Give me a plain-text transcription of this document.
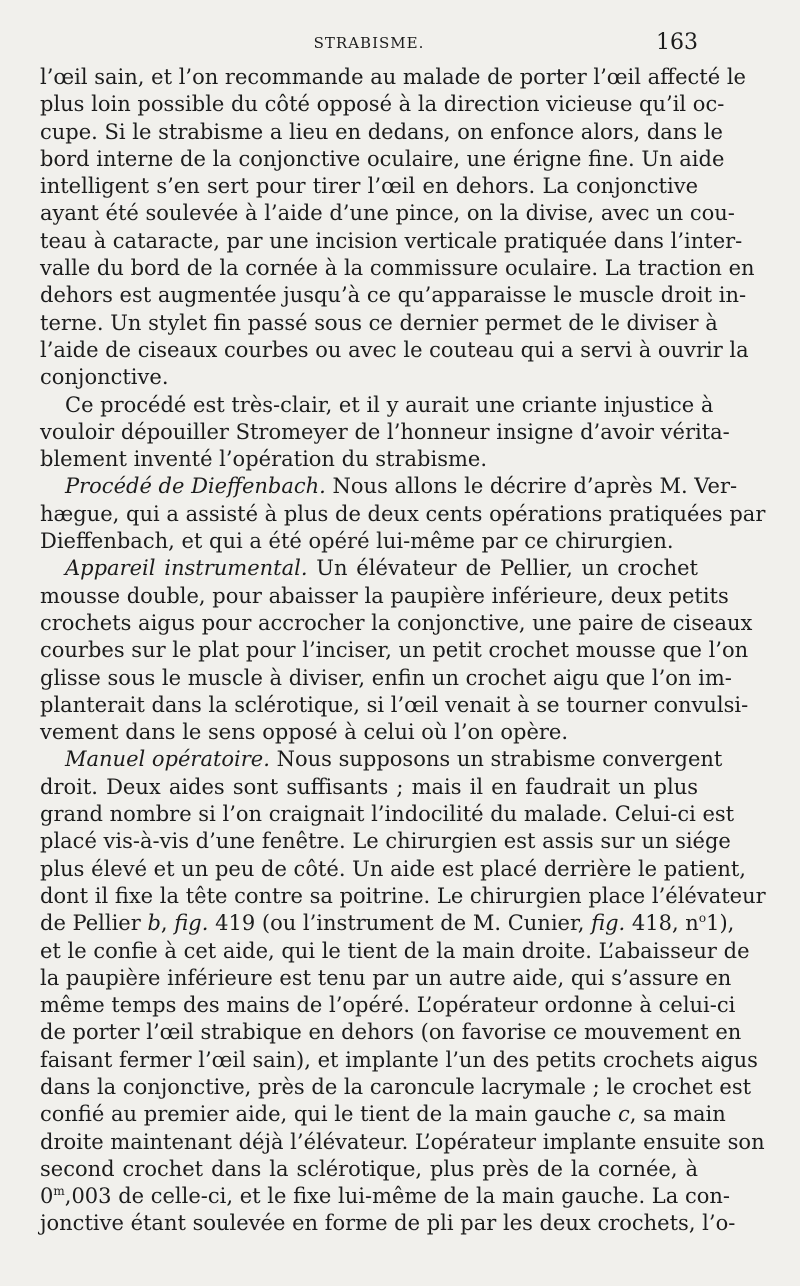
STRABISME.	163
l’œil sain, et l’on recommande au malade de porter l’œil affecté le
plus loin possible du côté opposé à la direction vicieuse qu’il oc-
cupe. Si le strabisme a lieu en dedans, on enfonce alors, dans le
bord interne de la conjonctive oculaire, une érigne fine. Un aide
intelligent s’en sert pour tirer l’œil en dehors. La conjonctive
ayant été soulevée à l’aide d’une pince, on la divise, avec un cou-
teau à cataracte, par une incision verticale pratiquée dans l’inter-
valle du bord de la cornée à la commissure oculaire. La traction en
dehors est augmentée jusqu’à ce qu’apparaisse le muscle droit in-
terne. Un stylet fin passé sous ce dernier permet de le diviser à
l’aide de ciseaux courbes ou avec le couteau qui a servi à ouvrir la
conjonctive.
Ce procédé est très-clair, et il y aurait une criante injustice à
vouloir dépouiller Stromeyer de l’honneur insigne d’avoir vérita-
blement inventé l’opération du strabisme.
Procédé de Dieffenbach. Nous allons le décrire d’après M. Ver-
hægue, qui a assisté à plus de deux cents opérations pratiquées par
Dieffenbach, et qui a été opéré lui-même par ce chirurgien.
Appareil instrumental. Un élévateur de Pellier, un crochet
mousse double, pour abaisser la paupière inférieure, deux petits
crochets aigus pour accrocher la conjonctive, une paire de ciseaux
courbes sur le plat pour l’inciser, un petit crochet mousse que l’on
glisse sous le muscle à diviser, enfin un crochet aigu que l’on im-
planterait dans la sclérotique, si l’œil venait à se tourner convulsi-
vement dans le sens opposé à celui où l’on opère.
Manuel opératoire. Nous supposons un strabisme convergent
droit. Deux aides sont suffisants ; mais il en faudrait un plus
grand nombre si l’on craignait l’indocilité du malade. Celui-ci est
placé vis-à-vis d’une fenêtre. Le chirurgien est assis sur un siége
plus élevé et un peu de côté. Un aide est placé derrière le patient,
dont il fixe la tête contre sa poitrine. Le chirurgien place l’élévateur
de Pellier b, fig. 419 (ou l’instrument de M. Cunier, fig. 418, $n^o1$),
et le confie à cet aide, qui le tient de la main droite. L’abaisseur de
la paupière inférieure est tenu par un autre aide, qui s’assure en
même temps des mains de l’opéré. L’opérateur ordonne à celui-ci
de porter l’œil strabique en dehors (on favorise ce mouvement en
faisant fermer l’œil sain), et implante l’un des petits crochets aigus
dans la conjonctive, près de la caroncule lacrymale ; le crochet est
confié au premier aide, qui le tient de la main gauche c, sa main
droite maintenant déjà l’élévateur. L’opérateur implante ensuite son
second crochet dans la sclérotique, plus près de la cornée, à
0$^m$,003 de celle-ci, et le fixe lui-même de la main gauche. La con-
jonctive étant soulevée en forme de pli par les deux crochets, l’o-
